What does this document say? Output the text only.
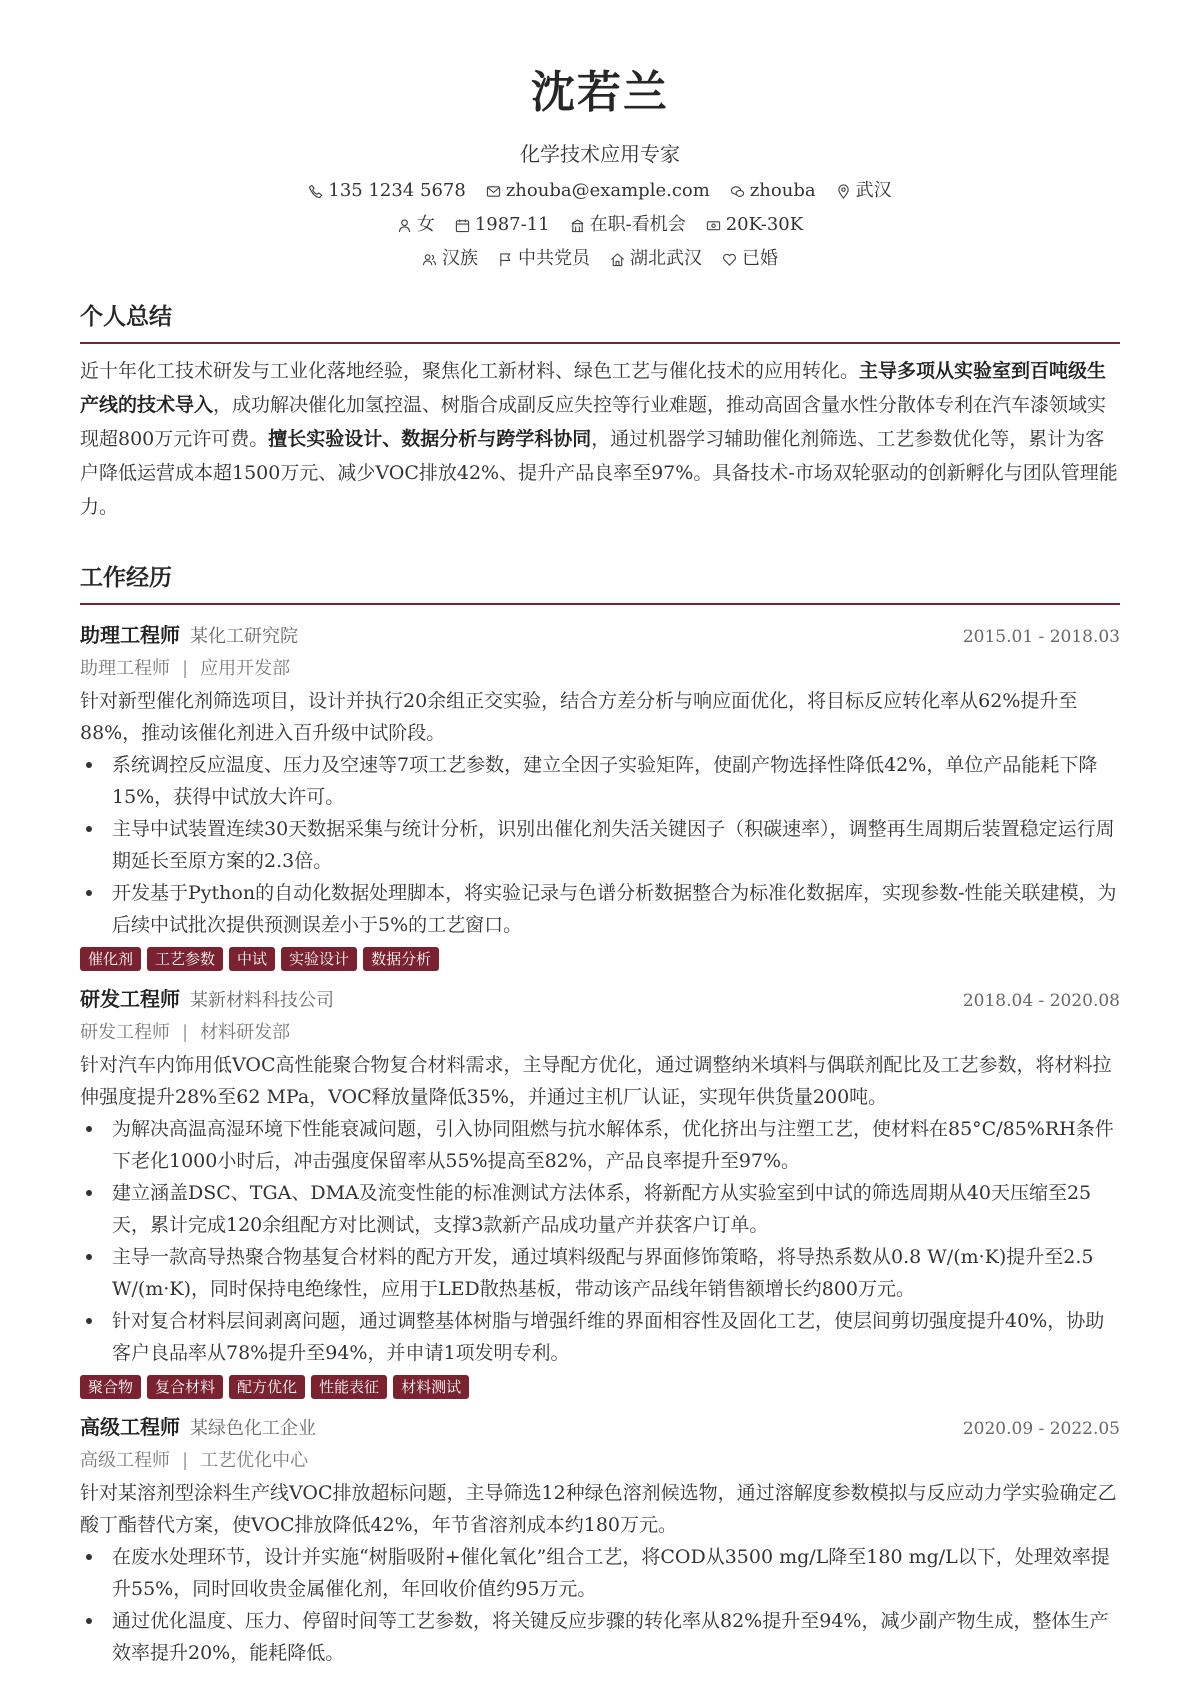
沈若兰
化学技术应用专家
135 1234 5678 zhouba@example.com zhouba 武汉
女 1987-11 在职-看机会 20K-30K
汉族 中共党员 湖北武汉 已婚
个人总结
近十年化工技术研发与工业化落地经验，聚焦化工新材料、绿色工艺与催化技术的应用转化。主导多项从实验室到百吨级生产线的技术导入，成功解决催化加氢控温、树脂合成副反应失控等行业难题，推动高固含量水性分散体专利在汽车漆领域实现超800万元许可费。擅长实验设计、数据分析与跨学科协同，通过机器学习辅助催化剂筛选、工艺参数优化等，累计为客户降低运营成本超1500万元、减少VOC排放42%、提升产品良率至97%。具备技术-市场双轮驱动的创新孵化与团队管理能力。
工作经历
助理工程师 某化工研究院	2015.01 - 2018.03
助理工程师 | 应用开发部
针对新型催化剂筛选项目，设计并执行20余组正交实验，结合方差分析与响应面优化，将目标反应转化率从62%提升至88%，推动该催化剂进入百升级中试阶段。
系统调控反应温度、压力及空速等7项工艺参数，建立全因子实验矩阵，使副产物选择性降低42%，单位产品能耗下降15%，获得中试放大许可。
主导中试装置连续30天数据采集与统计分析，识别出催化剂失活关键因子（积碳速率），调整再生周期后装置稳定运行周期延长至原方案的2.3倍。
开发基于Python的自动化数据处理脚本，将实验记录与色谱分析数据整合为标准化数据库，实现参数-性能关联建模，为后续中试批次提供预测误差小于5%的工艺窗口。
催化剂	工艺参数	中试	实验设计	数据分析
研发工程师 某新材料科技公司	2018.04 - 2020.08
研发工程师 | 材料研发部
针对汽车内饰用低VOC高性能聚合物复合材料需求，主导配方优化，通过调整纳米填料与偶联剂配比及工艺参数，将材料拉伸强度提升28%至62 MPa，VOC释放量降低35%，并通过主机厂认证，实现年供货量200吨。
为解决高温高湿环境下性能衰减问题，引入协同阻燃与抗水解体系，优化挤出与注塑工艺，使材料在85°C/85%RH条件下老化1000小时后，冲击强度保留率从55%提高至82%，产品良率提升至97%。
建立涵盖DSC、TGA、DMA及流变性能的标准测试方法体系，将新配方从实验室到中试的筛选周期从40天压缩至25天，累计完成120余组配方对比测试，支撑3款新产品成功量产并获客户订单。
主导一款高导热聚合物基复合材料的配方开发，通过填料级配与界面修饰策略，将导热系数从0.8 W/(m·K)提升至2.5 W/(m·K)，同时保持电绝缘性，应用于LED散热基板，带动该产品线年销售额增长约800万元。
针对复合材料层间剥离问题，通过调整基体树脂与增强纤维的界面相容性及固化工艺，使层间剪切强度提升40%，协助客户良品率从78%提升至94%，并申请1项发明专利。
聚合物	复合材料	配方优化	性能表征	材料测试
高级工程师 某绿色化工企业	2020.09 - 2022.05
高级工程师 | 工艺优化中心
针对某溶剂型涂料生产线VOC排放超标问题，主导筛选12种绿色溶剂候选物，通过溶解度参数模拟与反应动力学实验确定乙酸丁酯替代方案，使VOC排放降低42%，年节省溶剂成本约180万元。
在废水处理环节，设计并实施“树脂吸附+催化氧化”组合工艺，将COD从3500 mg/L降至180 mg/L以下，处理效率提升55%，同时回收贵金属催化剂，年回收价值约95万元。
通过优化温度、压力、停留时间等工艺参数，将关键反应步骤的转化率从82%提升至94%，减少副产物生成，整体生产效率提升20%，能耗降低。
